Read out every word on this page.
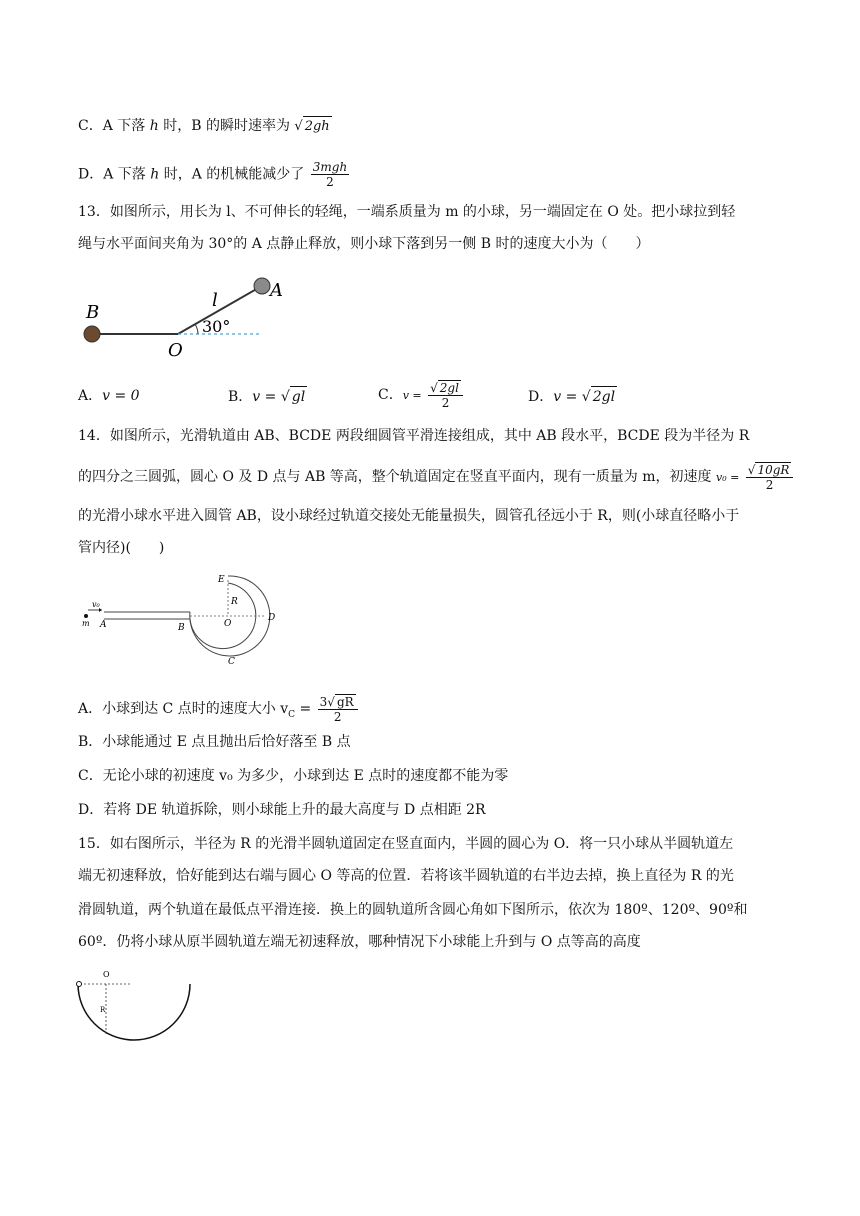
C．A 下落 h 时，B 的瞬时速率为 √ 2gh
D．A 下落 h 时，A 的机械能减少了 $\frac{\text{3mgh}}{2}$
13．如图所示，用长为 l、不可伸长的轻绳，一端系质量为 m 的小球，另一端固定在 O 处。把小球拉到轻
绳与水平面间夹角为 30°的 A 点静止释放，则小球下落到另一侧 B 时的速度大小为（　　）
B
A
l
O
30°
A．v = 0	B．v = √ gl	C．$v = \frac{√ 2gl}{2}$	D．v = √ 2gl
14．如图所示，光滑轨道由 AB、BCDE 两段细圆管平滑连接组成，其中 AB 段水平，BCDE 段为半径为 R
的四分之三圆弧，圆心 O 及 D 点与 AB 等高，整个轨道固定在竖直平面内，现有一质量为 m，初速度 $v_0 = \frac{√ 10gR}{2}$
的光滑小球水平进入圆管 AB，设小球经过轨道交接处无能量损失，圆管孔径远小于 R，则(小球直径略小于
管内径)(　　)
v₀
m A	B	O
D
E
R
C
A．小球到达 C 点时的速度大小 $v_C = \frac{3√ gR}{2}$
B．小球能通过 E 点且抛出后恰好落至 B 点
C．无论小球的初速度 v₀ 为多少，小球到达 E 点时的速度都不能为零
D．若将 DE 轨道拆除，则小球能上升的最大高度与 D 点相距 2R
15．如右图所示，半径为 R 的光滑半圆轨道固定在竖直面内，半圆的圆心为 O．将一只小球从半圆轨道左
端无初速释放，恰好能到达右端与圆心 O 等高的位置．若将该半圆轨道的右半边去掉，换上直径为 R 的光
滑圆轨道，两个轨道在最低点平滑连接．换上的圆轨道所含圆心角如下图所示，依次为 180º、120º、90º和
60º．仍将小球从原半圆轨道左端无初速释放，哪种情况下小球能上升到与 O 点等高的高度
O
R
